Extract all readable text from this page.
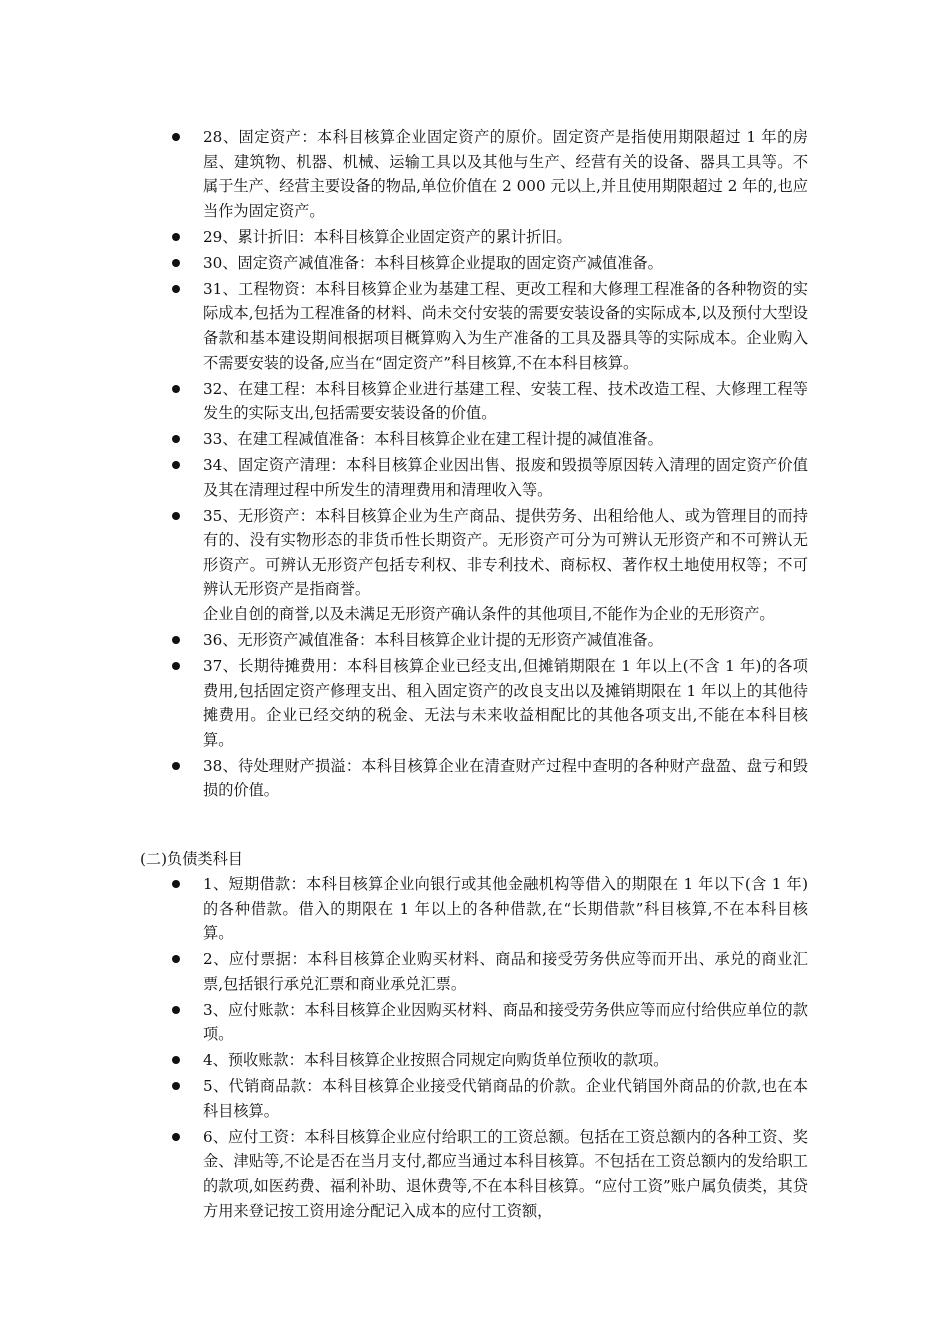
28、固定资产：本科目核算企业固定资产的原价。固定资产是指使用期限超过 1 年的房屋、建筑物、机器、机械、运输工具以及其他与生产、经营有关的设备、器具工具等。不属于生产、经营主要设备的物品,单位价值在 2 000 元以上,并且使用期限超过 2 年的,也应当作为固定资产。
29、累计折旧：本科目核算企业固定资产的累计折旧。
30、固定资产减值准备：本科目核算企业提取的固定资产减值准备。
31、工程物资：本科目核算企业为基建工程、更改工程和大修理工程准备的各种物资的实际成本,包括为工程准备的材料、尚未交付安装的需要安装设备的实际成本,以及预付大型设备款和基本建设期间根据项目概算购入为生产准备的工具及器具等的实际成本。企业购入不需要安装的设备,应当在“固定资产”科目核算,不在本科目核算。
32、在建工程：本科目核算企业进行基建工程、安装工程、技术改造工程、大修理工程等发生的实际支出,包括需要安装设备的价值。
33、在建工程减值准备：本科目核算企业在建工程计提的减值准备。
34、固定资产清理：本科目核算企业因出售、报废和毁损等原因转入清理的固定资产价值及其在清理过程中所发生的清理费用和清理收入等。
35、无形资产：本科目核算企业为生产商品、提供劳务、出租给他人、或为管理目的而持有的、没有实物形态的非货币性长期资产。无形资产可分为可辨认无形资产和不可辨认无形资产。可辨认无形资产包括专利权、非专利技术、商标权、著作权土地使用权等；不可辨认无形资产是指商誉。
企业自创的商誉,以及未满足无形资产确认条件的其他项目,不能作为企业的无形资产。
36、无形资产减值准备：本科目核算企业计提的无形资产减值准备。
37、长期待摊费用：本科目核算企业已经支出,但摊销期限在 1 年以上(不含 1 年)的各项费用,包括固定资产修理支出、租入固定资产的改良支出以及摊销期限在 1 年以上的其他待摊费用。企业已经交纳的税金、无法与未来收益相配比的其他各项支出,不能在本科目核算。
38、待处理财产损溢：本科目核算企业在清查财产过程中查明的各种财产盘盈、盘亏和毁损的价值。
(二)负债类科目
1、短期借款：本科目核算企业向银行或其他金融机构等借入的期限在 1 年以下(含 1 年)的各种借款。借入的期限在 1 年以上的各种借款,在“长期借款”科目核算,不在本科目核算。
2、应付票据：本科目核算企业购买材料、商品和接受劳务供应等而开出、承兑的商业汇票,包括银行承兑汇票和商业承兑汇票。
3、应付账款：本科目核算企业因购买材料、商品和接受劳务供应等而应付给供应单位的款项。
4、预收账款：本科目核算企业按照合同规定向购货单位预收的款项。
5、代销商品款：本科目核算企业接受代销商品的价款。企业代销国外商品的价款,也在本科目核算。
6、应付工资：本科目核算企业应付给职工的工资总额。包括在工资总额内的各种工资、奖金、津贴等,不论是否在当月支付,都应当通过本科目核算。不包括在工资总额内的发给职工的款项,如医药费、福利补助、退休费等,不在本科目核算。“应付工资”账户属负债类，其贷方用来登记按工资用途分配记入成本的应付工资额，
